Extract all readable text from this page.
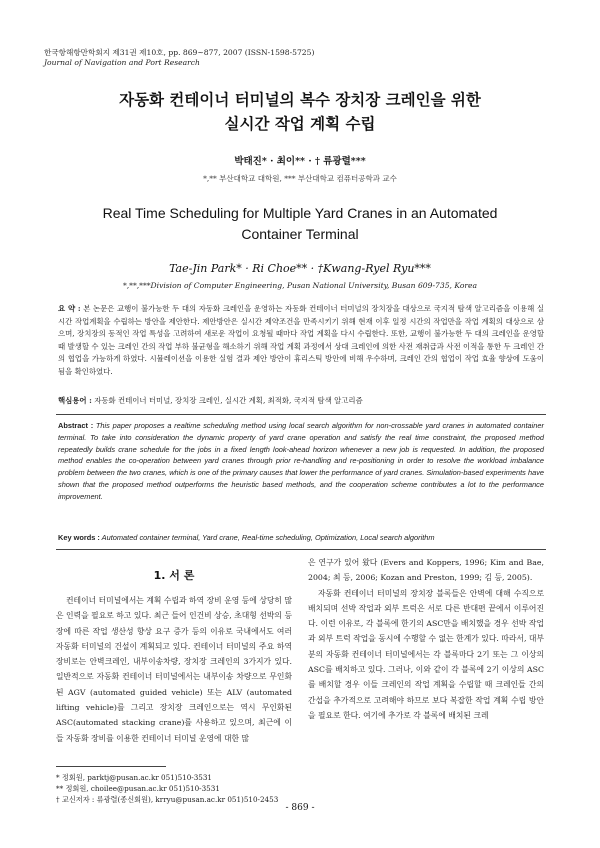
한국항해항만학회지 제31권 제10호, pp. 869~877, 2007 (ISSN-1598-5725)
Journal of Navigation and Port Research
자동화 컨테이너 터미널의 복수 장치장 크레인을 위한
실시간 작업 계획 수립
박태진* · 최이** · † 류광렬***
*,** 부산대학교 대학원, *** 부산대학교 컴퓨터공학과 교수
Real Time Scheduling for Multiple Yard Cranes in an Automated
Container Terminal
Tae-Jin Park* · Ri Choe** · †Kwang-Ryel Ryu***
*,**,***Division of Computer Engineering, Pusan National University, Busan 609-735, Korea
요 약 : 본 논문은 교행이 불가능한 두 대의 자동화 크레인을 운영하는 자동화 컨테이너 터미널의 장치장을 대상으로 국지적 탐색 알고리즘을 이용해 실시간 작업계획을 수립하는 방안을 제안한다. 제안방안은 실시간 제약조건을 만족시키기 위해 현재 이후 일정 시간의 작업만을 작업 계획의 대상으로 삼으며, 장치장의 동적인 작업 특성을 고려하여 새로운 작업이 요청될 때마다 작업 계획을 다시 수립한다. 또한, 교행이 불가능한 두 대의 크레인을 운영할 때 발생할 수 있는 크레인 간의 작업 부하 불균형을 해소하기 위해 작업 계획 과정에서 상대 크레인에 의한 사전 재취급과 사전 이적을 통한 두 크레인 간의 협업을 가능하게 하였다. 시뮬레이션을 이용한 실험 결과 제안 방안이 휴리스틱 방안에 비해 우수하며, 크레인 간의 협업이 작업 효율 향상에 도움이 됨을 확인하였다.
핵심용어 : 자동화 컨테이너 터미널, 장치장 크레인, 실시간 계획, 최적화, 국지적 탐색 알고리즘
Abstract : This paper proposes a realtime scheduling method using local search algorithm for non-crossable yard cranes in automated container terminal. To take into consideration the dynamic property of yard crane operation and satisfy the real time constraint, the proposed method repeatedly builds crane schedule for the jobs in a fixed length look-ahead horizon whenever a new job is requested. In addition, the proposed method enables the co-operation between yard cranes through prior re-handling and re-positioning in order to resolve the workload imbalance problem between the two cranes, which is one of the primary causes that lower the performance of yard cranes. Simulation-based experiments have shown that the proposed method outperforms the heuristic based methods, and the cooperation scheme contributes a lot to the performance improvement.
Key words : Automated container terminal, Yard crane, Real-time scheduling, Optimization, Local search algorithm
1. 서 론
컨테이너 터미널에서는 계획 수립과 하역 장비 운영 등에 상당히 많은 인력을 필요로 하고 있다. 최근 들어 인건비 상승, 초대형 선박의 등장에 따른 작업 생산성 향상 요구 증가 등의 이유로 국내에서도 여러 자동화 터미널의 건설이 계획되고 있다. 컨테이너 터미널의 주요 하역 장비로는 안벽크레인, 내부이송차량, 장치장 크레인의 3가지가 있다. 일반적으로 자동화 컨테이너 터미널에서는 내부이송 차량으로 무인화된 AGV (automated guided vehicle) 또는 ALV (automated lifting vehicle)를 그리고 장치장 크레인으로는 역시 무인화된 ASC(automated stacking crane)를 사용하고 있으며, 최근에 이들 자동화 장비를 이용한 컨테이너 터미널 운영에 대한 많

은 연구가 있어 왔다 (Evers and Koppers, 1996; Kim and Bae, 2004; 최 등, 2006; Kozan and Preston, 1999; 김 등, 2005).

자동화 컨테이너 터미널의 장치장 블록들은 안벽에 대해 수직으로 배치되며 선박 작업과 외부 트럭은 서로 다른 반대편 끝에서 이루어진다. 이런 이유로, 각 블록에 한기의 ASC만을 배치했을 경우 선박 작업과 외부 트럭 작업을 동시에 수행할 수 없는 한계가 있다. 따라서, 대부분의 자동화 컨테이너 터미널에서는 각 블록마다 2기 또는 그 이상의 ASC를 배치하고 있다. 그러나, 이와 같이 각 블록에 2기 이상의 ASC를 배치할 경우 이들 크레인의 작업 계획을 수립할 때 크레인들 간의 간섭을 추가적으로 고려해야 하므로 보다 복잡한 작업 계획 수립 방안을 필요로 한다. 여기에 추가로 각 블록에 배치된 크레

* 정회원, parktj@pusan.ac.kr 051)510-3531
** 정회원, choilee@pusan.ac.kr 051)510-3531
† 교신저자 : 류광렬(종신회원), krryu@pusan.ac.kr 051)510-2453
- 869 -
